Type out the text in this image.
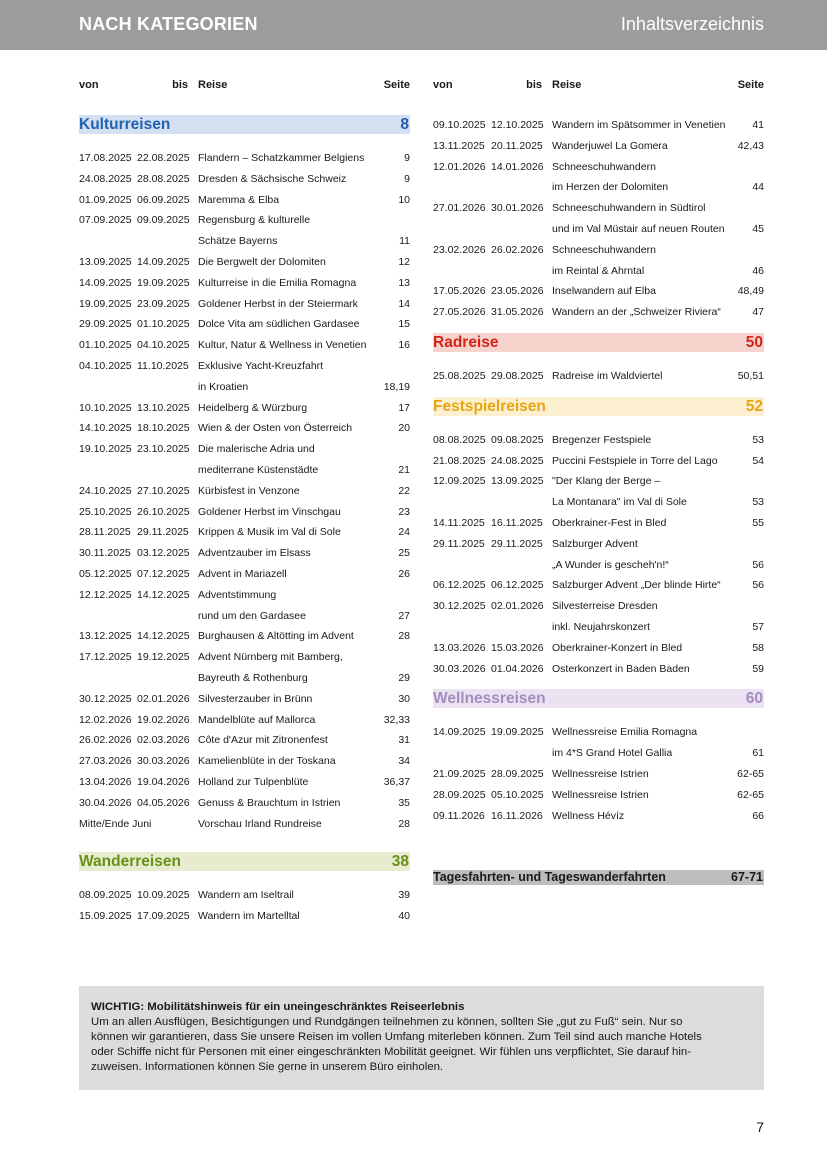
NACH KATEGORIEN	Inhaltsverzeichnis
von	bis Reise	Seite
Kulturreisen	8
17.08.2025 22.08.2025 Flandern – Schatzkammer Belgiens	9
24.08.2025 28.08.2025 Dresden & Sächsische Schweiz	9
01.09.2025 06.09.2025 Maremma & Elba	10
07.09.2025 09.09.2025 Regensburg & kulturelle
Schätze Bayerns	11
13.09.2025 14.09.2025 Die Bergwelt der Dolomiten	12
14.09.2025 19.09.2025 Kulturreise in die Emilia Romagna	13
19.09.2025 23.09.2025 Goldener Herbst in der Steiermark	14
29.09.2025 01.10.2025 Dolce Vita am südlichen Gardasee	15
01.10.2025 04.10.2025 Kultur, Natur & Wellness in Venetien	16
04.10.2025 11.10.2025 Exklusive Yacht-Kreuzfahrt
in Kroatien	18,19
10.10.2025 13.10.2025 Heidelberg & Würzburg	17
14.10.2025 18.10.2025 Wien & der Osten von Österreich	20
19.10.2025 23.10.2025 Die malerische Adria und
mediterrane Küstenstädte	21
24.10.2025 27.10.2025 Kürbisfest in Venzone	22
25.10.2025 26.10.2025 Goldener Herbst im Vinschgau	23
28.11.2025 29.11.2025 Krippen & Musik im Val di Sole	24
30.11.2025 03.12.2025 Adventzauber im Elsass	25
05.12.2025 07.12.2025 Advent in Mariazell	26
12.12.2025 14.12.2025 Adventstimmung
rund um den Gardasee	27
13.12.2025 14.12.2025 Burghausen & Altötting im Advent	28
17.12.2025 19.12.2025 Advent Nürnberg mit Bamberg,
Bayreuth & Rothenburg	29
30.12.2025 02.01.2026 Silvesterzauber in Brünn	30
12.02.2026 19.02.2026 Mandelblüte auf Mallorca	32,33
26.02.2026 02.03.2026 Côte d'Azur mit Zitronenfest	31
27.03.2026 30.03.2026 Kamelienblüte in der Toskana	34
13.04.2026 19.04.2026 Holland zur Tulpenblüte	36,37
30.04.2026 04.05.2026 Genuss & Brauchtum in Istrien	35
Mitte/Ende Juni	Vorschau Irland Rundreise	28
Wanderreisen	38
08.09.2025 10.09.2025 Wandern am Iseltrail	39
15.09.2025 17.09.2025 Wandern im Martelltal	40
von	bis Reise	Seite
09.10.2025 12.10.2025 Wandern im Spätsommer in Venetien	41
13.11.2025 20.11.2025 Wanderjuwel La Gomera	42,43
12.01.2026 14.01.2026 Schneeschuhwandern
im Herzen der Dolomiten	44
27.01.2026 30.01.2026 Schneeschuhwandern in Südtirol
und im Val Müstair auf neuen Routen	45
23.02.2026 26.02.2026 Schneeschuhwandern
im Reintal & Ahrntal	46
17.05.2026 23.05.2026 Inselwandern auf Elba	48,49
27.05.2026 31.05.2026 Wandern an der „Schweizer Riviera“	47
Radreise	50
25.08.2025 29.08.2025 Radreise im Waldviertel	50,51
Festspielreisen	52
08.08.2025 09.08.2025 Bregenzer Festspiele	53
21.08.2025 24.08.2025 Puccini Festspiele in Torre del Lago	54
12.09.2025 13.09.2025 "Der Klang der Berge –
La Montanara" im Val di Sole	53
14.11.2025 16.11.2025 Oberkrainer-Fest in Bled	55
29.11.2025 29.11.2025 Salzburger Advent
„A Wunder is gescheh'n!“	56
06.12.2025 06.12.2025 Salzburger Advent „Der blinde Hirte“	56
30.12.2025 02.01.2026 Silvesterreise Dresden
inkl. Neujahrskonzert	57
13.03.2026 15.03.2026 Oberkrainer-Konzert in Bled	58
30.03.2026 01.04.2026 Osterkonzert in Baden Baden	59
Wellnessreisen	60
14.09.2025 19.09.2025 Wellnessreise Emilia Romagna
im 4*S Grand Hotel Gallia	61
21.09.2025 28.09.2025 Wellnessreise Istrien	62-65
28.09.2025 05.10.2025 Wellnessreise Istrien	62-65
09.11.2026 16.11.2026 Wellness Hévíz	66
Tagesfahrten- und Tageswanderfahrten	67-71
WICHTIG: Mobilitätshinweis für ein uneingeschränktes Reiseerlebnis
Um an allen Ausflügen, Besichtigungen und Rundgängen teilnehmen zu können, sollten Sie „gut zu Fuß“ sein. Nur so
können wir garantieren, dass Sie unsere Reisen im vollen Umfang miterleben können. Zum Teil sind auch manche Hotels
oder Schiffe nicht für Personen mit einer eingeschränkten Mobilität geeignet. Wir fühlen uns verpflichtet, Sie darauf hin-
zuweisen. Informationen können Sie gerne in unserem Büro einholen.
7
